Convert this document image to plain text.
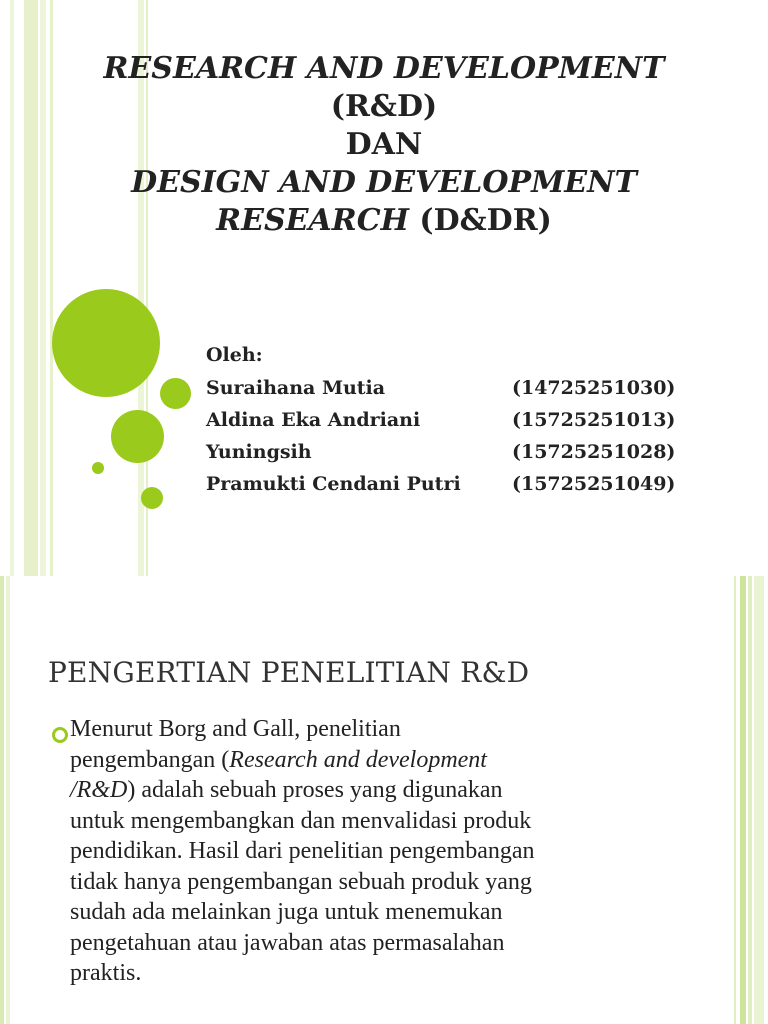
RESEARCH AND DEVELOPMENT
(R&D)
DAN
DESIGN AND DEVELOPMENT
RESEARCH (D&DR)
Oleh:
Suraihana Mutia	(14725251030)
Aldina Eka Andriani	(15725251013)
Yuningsih	(15725251028)
Pramukti Cendani Putri	(15725251049)
PENGERTIAN PENELITIAN R&D
Menurut Borg and Gall, penelitian
pengembangan (Research and development
/R&D) adalah sebuah proses yang digunakan
untuk mengembangkan dan menvalidasi produk
pendidikan. Hasil dari penelitian pengembangan
tidak hanya pengembangan sebuah produk yang
sudah ada melainkan juga untuk menemukan
pengetahuan atau jawaban atas permasalahan
praktis.
